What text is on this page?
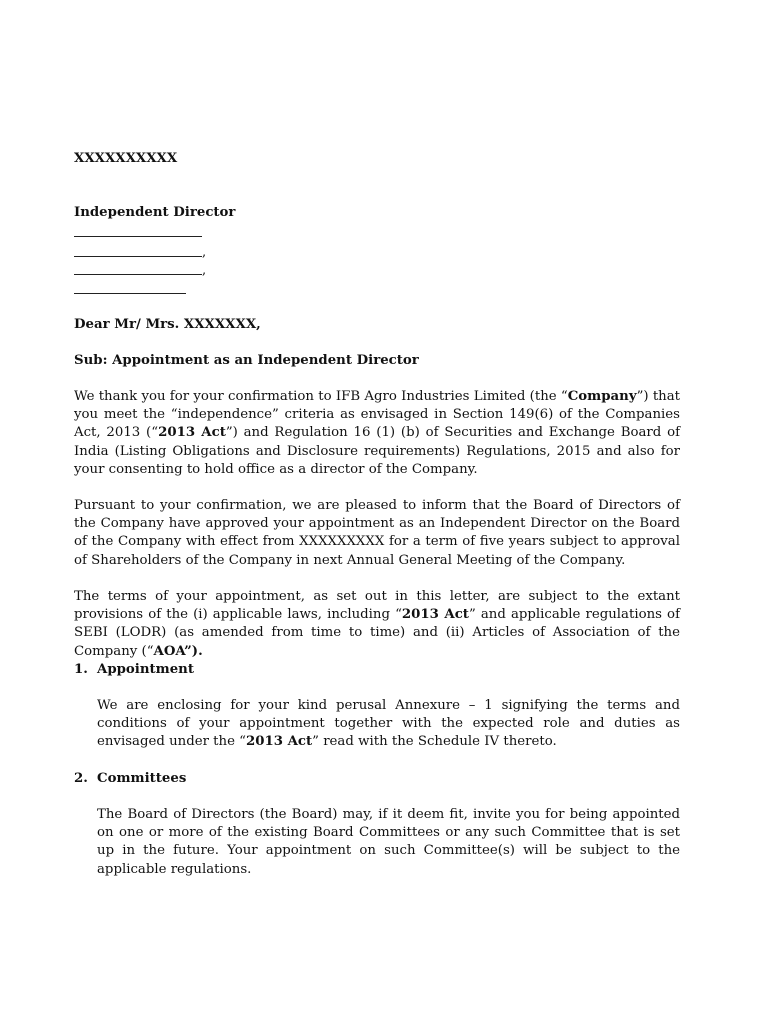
XXXXXXXXXX
Independent Director
,
,
Dear Mr/ Mrs. XXXXXXX,
Sub: Appointment as an Independent Director

We thank you for your confirmation to IFB Agro Industries Limited (the “Company”) that you meet the “independence” criteria as envisaged in Section 149(6) of the Companies Act, 2013 (“2013 Act”) and Regulation 16 (1) (b) of Securities and Exchange Board of India (Listing Obligations and Disclosure requirements) Regulations, 2015 and also for your consenting to hold office as a director of the Company.

Pursuant to your confirmation, we are pleased to inform that the Board of Directors of the Company have approved your appointment as an Independent Director on the Board of the Company with effect from XXXXXXXXX for a term of five years subject to approval of Shareholders of the Company in next Annual General Meeting of the Company.

The terms of your appointment, as set out in this letter, are subject to the extant provisions of the (i) applicable laws, including “2013 Act” and applicable regulations of SEBI (LODR) (as amended from time to time) and (ii) Articles of Association of the Company (“AOA”).

1. Appointment

We are enclosing for your kind perusal Annexure – 1 signifying the terms and conditions of your appointment together with the expected role and duties as envisaged under the “2013 Act” read with the Schedule IV thereto.

2. Committees

The Board of Directors (the Board) may, if it deem fit, invite you for being appointed on one or more of the existing Board Committees or any such Committee that is set up in the future. Your appointment on such Committee(s) will be subject to the applicable regulations.
